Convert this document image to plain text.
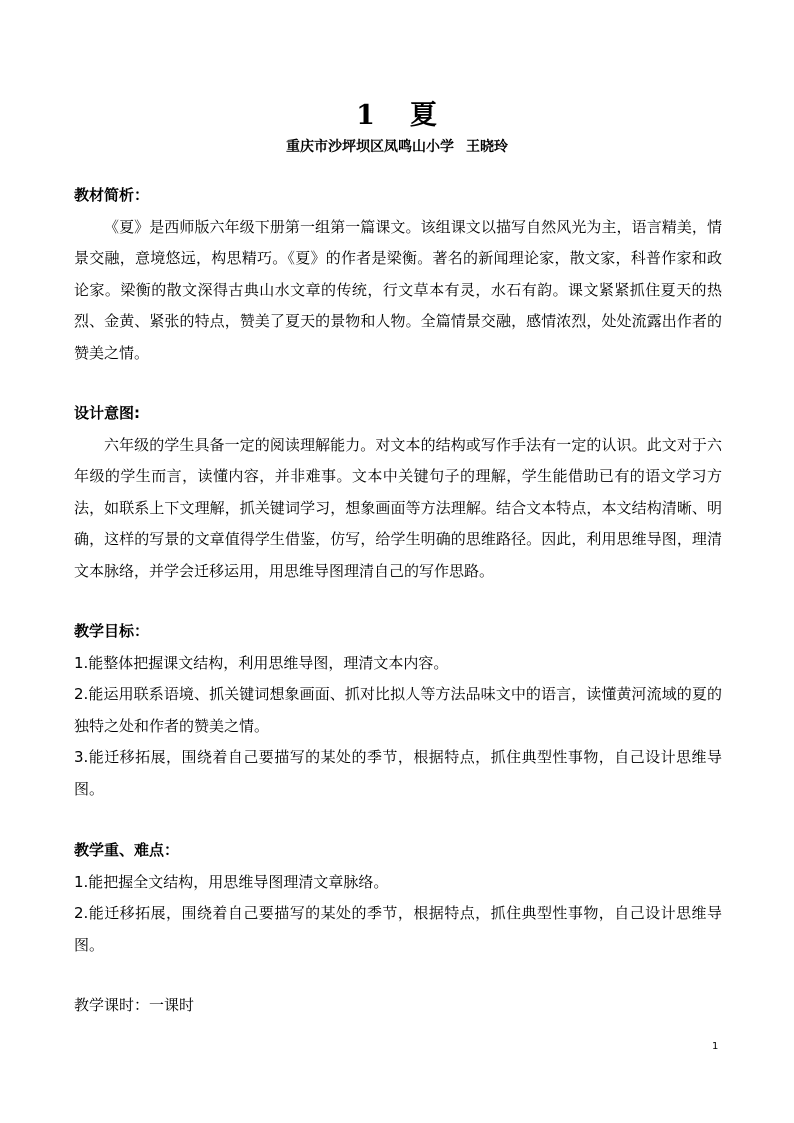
1 夏
重庆市沙坪坝区凤鸣山小学 王晓玲

教材简析：

《夏》是西师版六年级下册第一组第一篇课文。该组课文以描写自然风光为主，语言精美，情景交融，意境悠远，构思精巧。《夏》的作者是梁衡。著名的新闻理论家，散文家，科普作家和政论家。梁衡的散文深得古典山水文章的传统，行文草本有灵，水石有韵。课文紧紧抓住夏天的热烈、金黄、紧张的特点，赞美了夏天的景物和人物。全篇情景交融，感情浓烈，处处流露出作者的赞美之情。

设计意图:

六年级的学生具备一定的阅读理解能力。对文本的结构或写作手法有一定的认识。此文对于六年级的学生而言，读懂内容，并非难事。文本中关键句子的理解，学生能借助已有的语文学习方法，如联系上下文理解，抓关键词学习，想象画面等方法理解。结合文本特点，本文结构清晰、明确，这样的写景的文章值得学生借鉴，仿写，给学生明确的思维路径。因此，利用思维导图，理清文本脉络，并学会迁移运用，用思维导图理清自己的写作思路。

教学目标：

1.能整体把握课文结构，利用思维导图，理清文本内容。

2.能运用联系语境、抓关键词想象画面、抓对比拟人等方法品味文中的语言，读懂黄河流域的夏的独特之处和作者的赞美之情。

3.能迁移拓展，围绕着自己要描写的某处的季节，根据特点，抓住典型性事物，自己设计思维导图。

教学重、难点：

1.能把握全文结构，用思维导图理清文章脉络。

2.能迁移拓展，围绕着自己要描写的某处的季节，根据特点，抓住典型性事物，自己设计思维导图。

教学课时：一课时

1
